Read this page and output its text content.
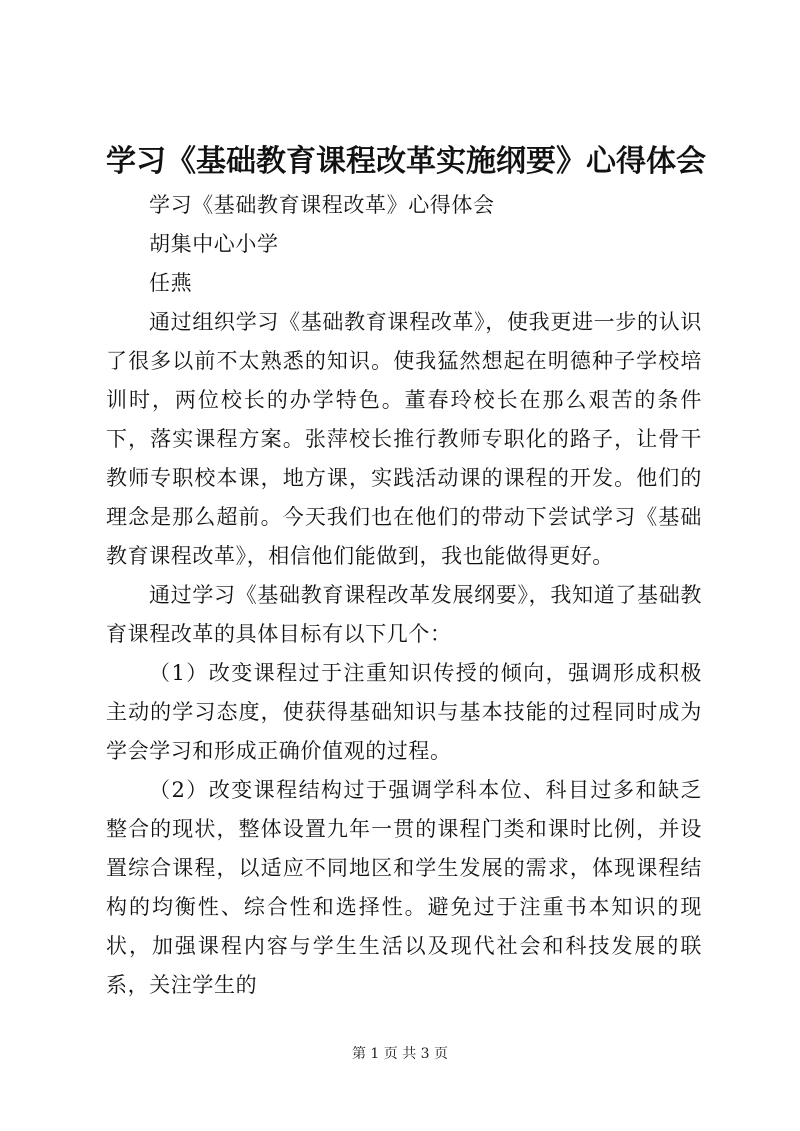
学习《基础教育课程改革实施纲要》心得体会

学习《基础教育课程改革》心得体会

胡集中心小学

任燕

通过组织学习《基础教育课程改革》，使我更进一步的认识了很多以前不太熟悉的知识。使我猛然想起在明德种子学校培训时，两位校长的办学特色。董春玲校长在那么艰苦的条件下，落实课程方案。张萍校长推行教师专职化的路子，让骨干教师专职校本课，地方课，实践活动课的课程的开发。他们的理念是那么超前。今天我们也在他们的带动下尝试学习《基础教育课程改革》，相信他们能做到，我也能做得更好。

通过学习《基础教育课程改革发展纲要》，我知道了基础教育课程改革的具体目标有以下几个：

（1）改变课程过于注重知识传授的倾向，强调形成积极主动的学习态度，使获得基础知识与基本技能的过程同时成为学会学习和形成正确价值观的过程。

（2）改变课程结构过于强调学科本位、科目过多和缺乏整合的现状，整体设置九年一贯的课程门类和课时比例，并设置综合课程，以适应不同地区和学生发展的需求，体现课程结构的均衡性、综合性和选择性。避免过于注重书本知识的现状，加强课程内容与学生生活以及现代社会和科技发展的联系，关注学生的

第 1 页 共 3 页
